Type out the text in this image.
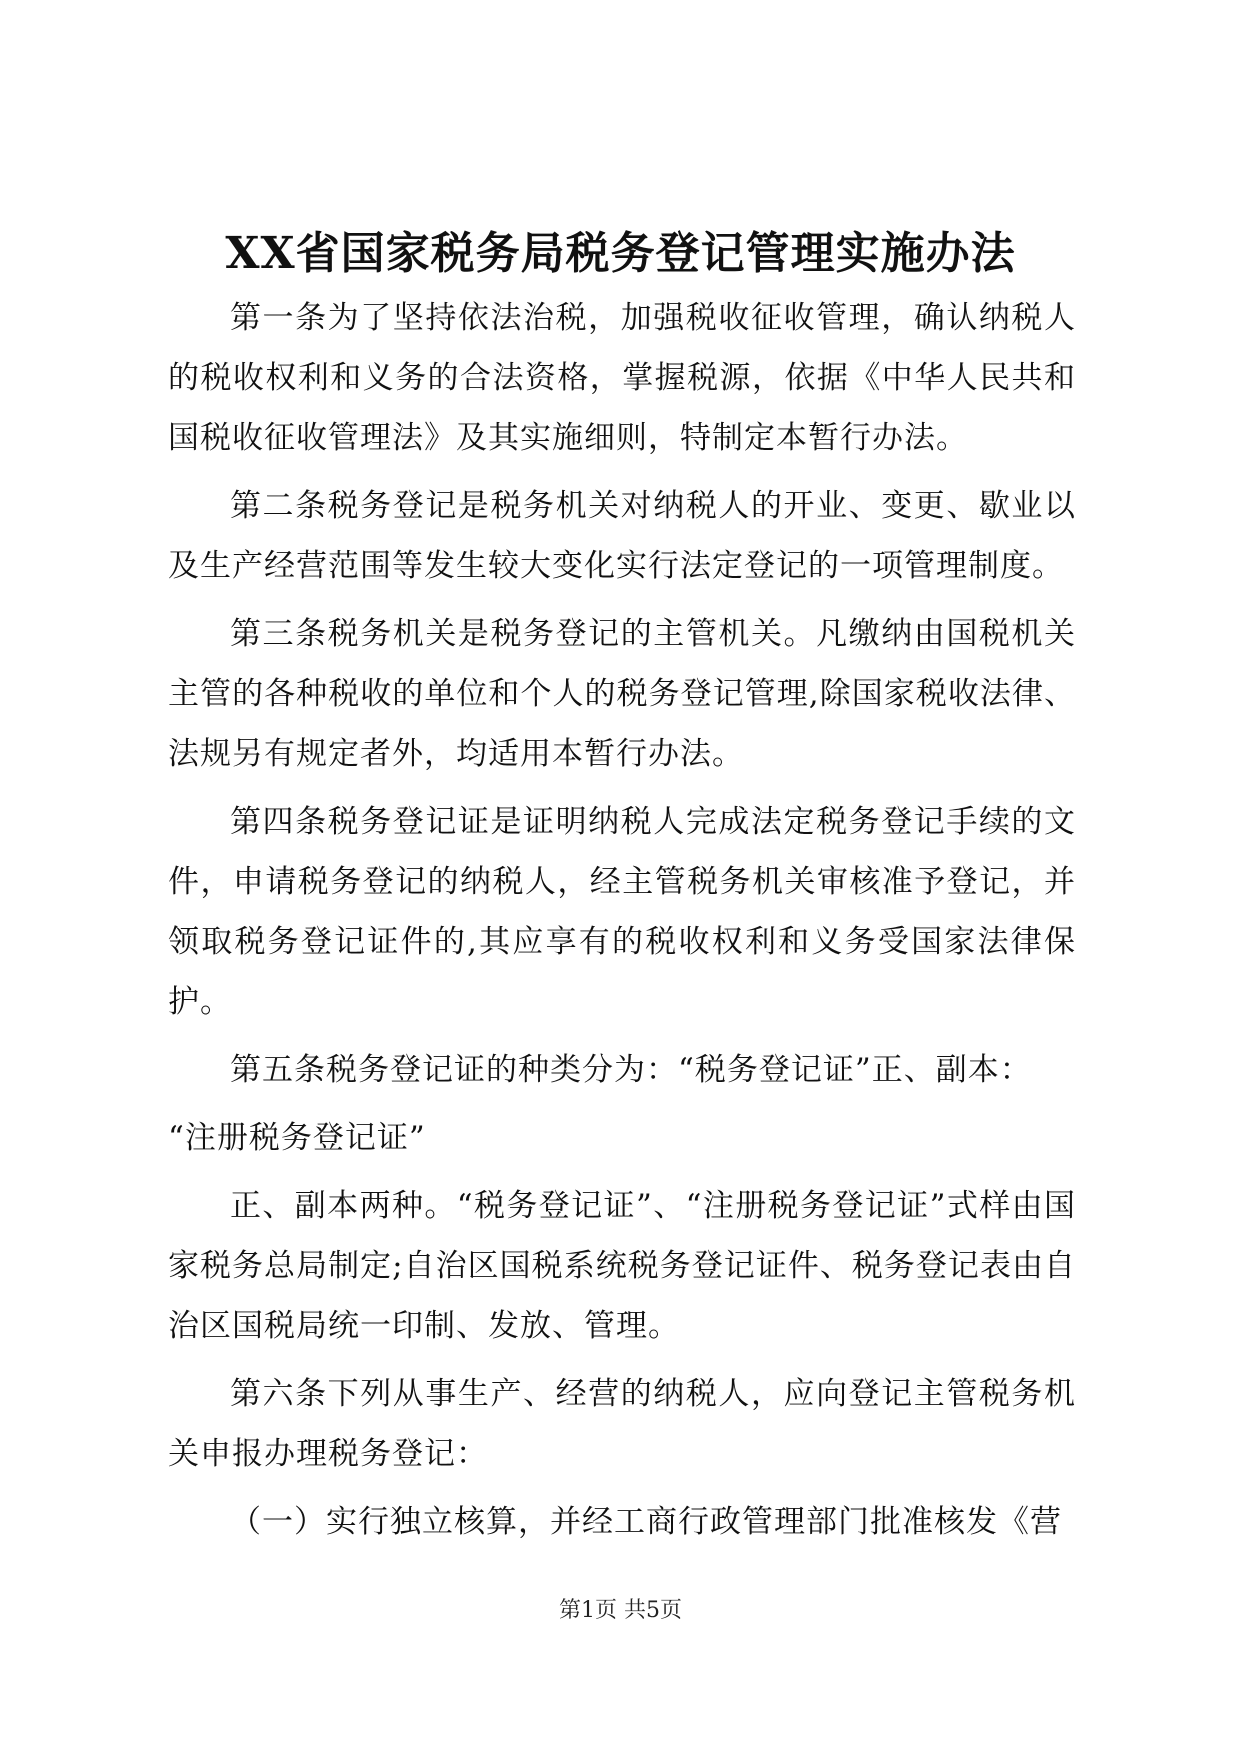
XX省国家税务局税务登记管理实施办法

第一条为了坚持依法治税，加强税收征收管理，确认纳税人的税收权利和义务的合法资格，掌握税源，依据《中华人民共和国税收征收管理法》及其实施细则，特制定本暂行办法。

第二条税务登记是税务机关对纳税人的开业、变更、歇业以及生产经营范围等发生较大变化实行法定登记的一项管理制度。

第三条税务机关是税务登记的主管机关。凡缴纳由国税机关主管的各种税收的单位和个人的税务登记管理,除国家税收法律、法规另有规定者外，均适用本暂行办法。

第四条税务登记证是证明纳税人完成法定税务登记手续的文件，申请税务登记的纳税人，经主管税务机关审核准予登记，并领取税务登记证件的,其应享有的税收权利和义务受国家法律保护。

第五条税务登记证的种类分为：“税务登记证”正、副本：

“注册税务登记证”

正、副本两种。“税务登记证”、“注册税务登记证”式样由国家税务总局制定;自治区国税系统税务登记证件、税务登记表由自治区国税局统一印制、发放、管理。

第六条下列从事生产、经营的纳税人，应向登记主管税务机关申报办理税务登记：

（一）实行独立核算，并经工商行政管理部门批准核发《营

第1页 共5页
